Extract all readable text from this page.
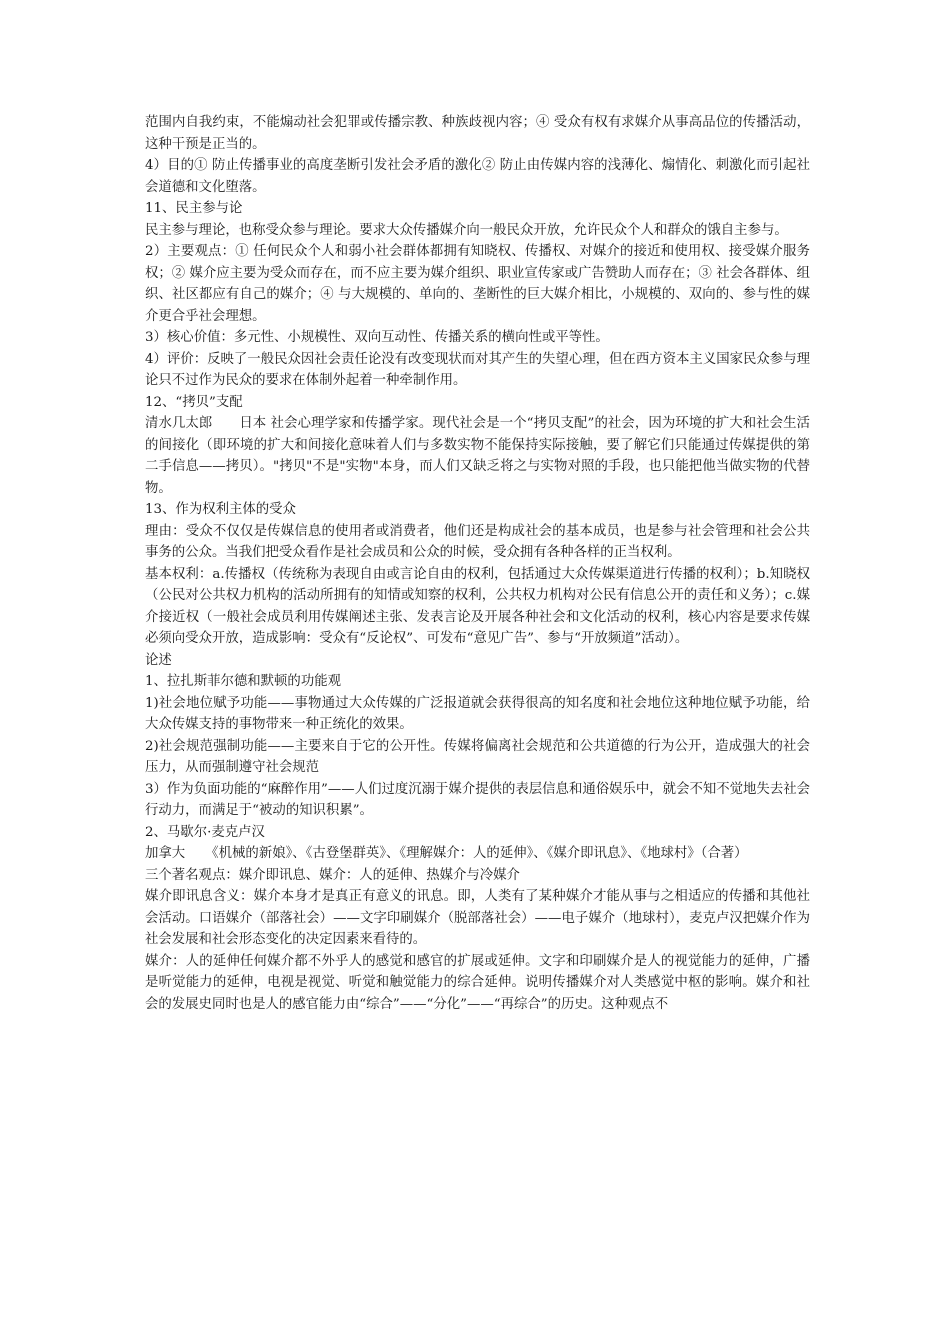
范围内自我约束，不能煽动社会犯罪或传播宗教、种族歧视内容；④ 受众有权有求媒介从事高品位的传播活动，这种干预是正当的。

4）目的① 防止传播事业的高度垄断引发社会矛盾的激化② 防止由传媒内容的浅薄化、煽情化、刺激化而引起社会道德和文化堕落。

11、民主参与论

民主参与理论，也称受众参与理论。要求大众传播媒介向一般民众开放，允许民众个人和群众的饿自主参与。

2）主要观点：① 任何民众个人和弱小社会群体都拥有知晓权、传播权、对媒介的接近和使用权、接受媒介服务权；② 媒介应主要为受众而存在，而不应主要为媒介组织、职业宣传家或广告赞助人而存在；③ 社会各群体、组织、社区都应有自己的媒介；④ 与大规模的、单向的、垄断性的巨大媒介相比，小规模的、双向的、参与性的媒介更合乎社会理想。

3）核心价值：多元性、小规模性、双向互动性、传播关系的横向性或平等性。

4）评价：反映了一般民众因社会责任论没有改变现状而对其产生的失望心理，但在西方资本主义国家民众参与理论只不过作为民众的要求在体制外起着一种牵制作用。

12、“拷贝”支配

清水几太郎　　日本 社会心理学家和传播学家。现代社会是一个“拷贝支配”的社会，因为环境的扩大和社会生活的间接化（即环境的扩大和间接化意味着人们与多数实物不能保持实际接触，要了解它们只能通过传媒提供的第二手信息——拷贝）。"拷贝"不是"实物"本身，而人们又缺乏将之与实物对照的手段，也只能把他当做实物的代替物。

13、作为权利主体的受众

理由：受众不仅仅是传媒信息的使用者或消费者，他们还是构成社会的基本成员，也是参与社会管理和社会公共事务的公众。当我们把受众看作是社会成员和公众的时候，受众拥有各种各样的正当权利。

基本权利：a.传播权（传统称为表现自由或言论自由的权利，包括通过大众传媒渠道进行传播的权利）；b.知晓权（公民对公共权力机构的活动所拥有的知情或知察的权利，公共权力机构对公民有信息公开的责任和义务）；c.媒介接近权（一般社会成员利用传媒阐述主张、发表言论及开展各种社会和文化活动的权利，核心内容是要求传媒必须向受众开放，造成影响：受众有“反论权”、可发布“意见广告”、参与“开放频道”活动）。

论述

1、拉扎斯菲尔德和默顿的功能观

1)社会地位赋予功能——事物通过大众传媒的广泛报道就会获得很高的知名度和社会地位这种地位赋予功能，给大众传媒支持的事物带来一种正统化的效果。

2)社会规范强制功能——主要来自于它的公开性。传媒将偏离社会规范和公共道德的行为公开，造成强大的社会压力，从而强制遵守社会规范

3）作为负面功能的“麻醉作用”——人们过度沉溺于媒介提供的表层信息和通俗娱乐中，就会不知不觉地失去社会行动力，而满足于“被动的知识积累”。

2、马歇尔·麦克卢汉

加拿大　　《机械的新娘》、《古登堡群英》、《理解媒介：人的延伸》、《媒介即讯息》、《地球村》（合著）

三个著名观点：媒介即讯息、媒介：人的延伸、热媒介与冷媒介

媒介即讯息含义：媒介本身才是真正有意义的讯息。即，人类有了某种媒介才能从事与之相适应的传播和其他社会活动。口语媒介（部落社会）——文字印刷媒介（脱部落社会）——电子媒介（地球村），麦克卢汉把媒介作为社会发展和社会形态变化的决定因素来看待的。

媒介：人的延伸任何媒介都不外乎人的感觉和感官的扩展或延伸。文字和印刷媒介是人的视觉能力的延伸，广播是听觉能力的延伸，电视是视觉、听觉和触觉能力的综合延伸。说明传播媒介对人类感觉中枢的影响。媒介和社会的发展史同时也是人的感官能力由“综合”——“分化”——“再综合”的历史。这种观点不
